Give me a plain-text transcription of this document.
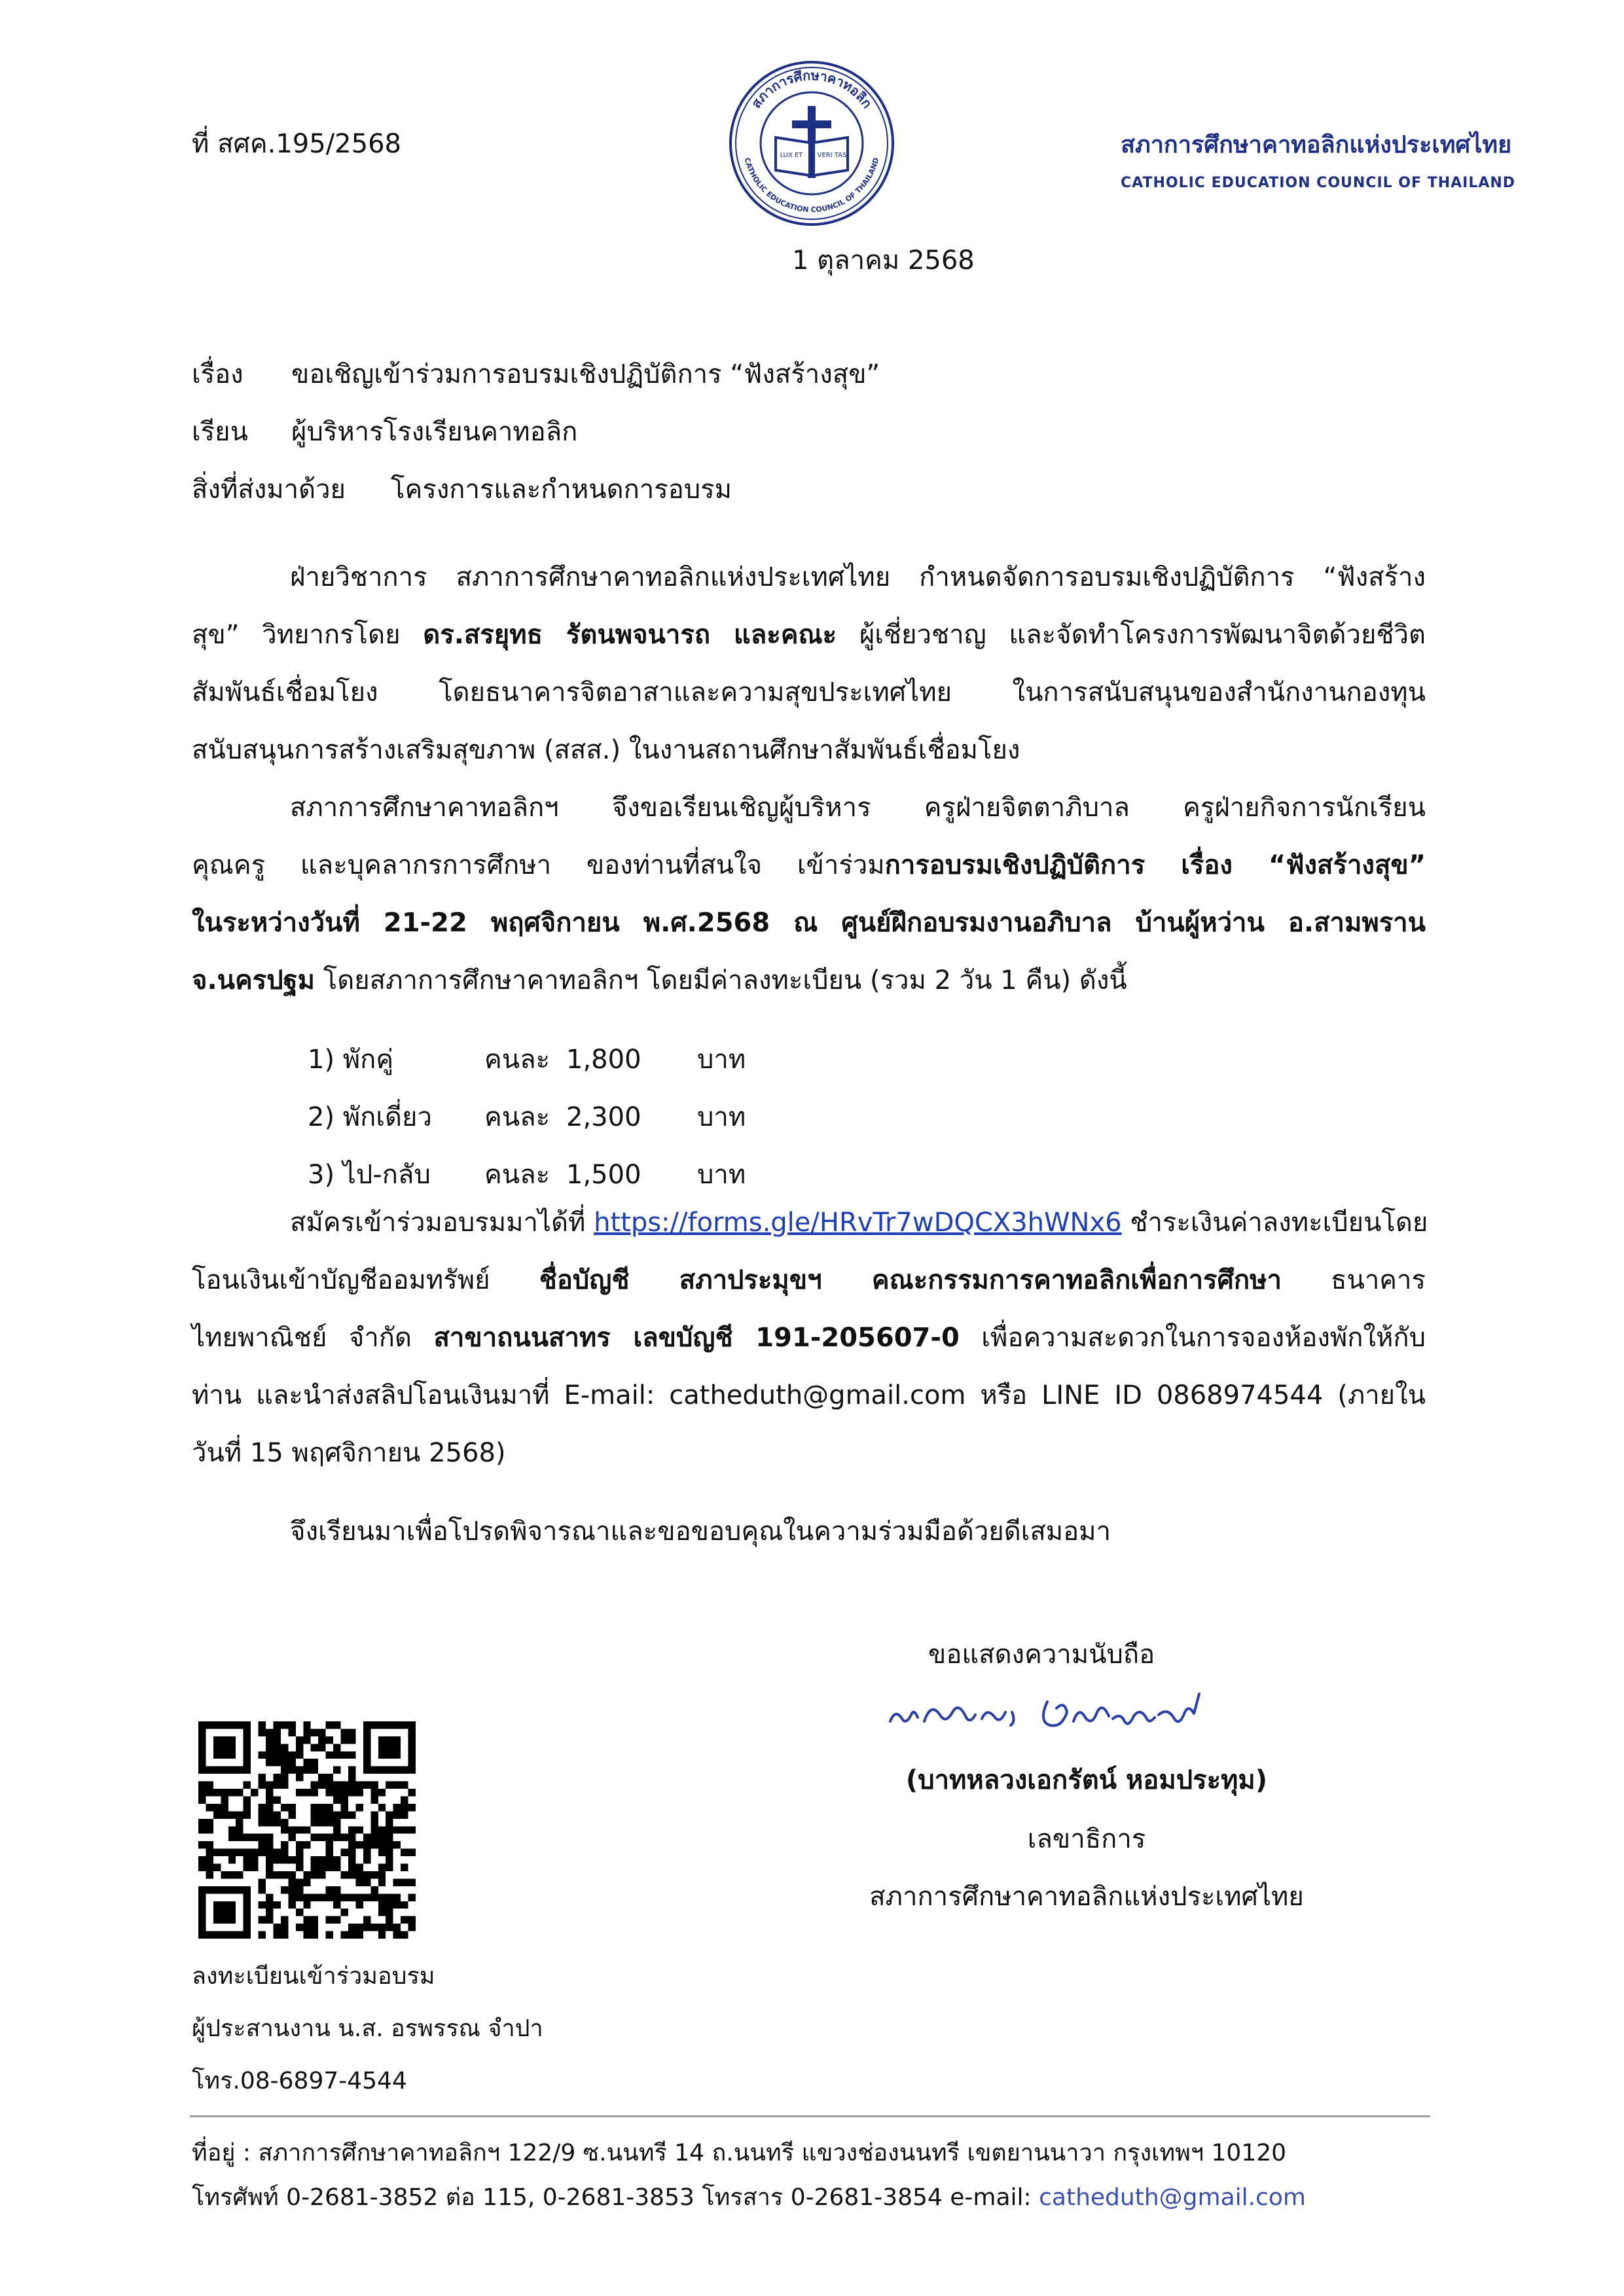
ที่ สศค.195/2568
สภาการศึกษาคาทอลิก
CATHOLIC EDUCATION COUNCIL OF THAILAND
LUX ET VERI TAS	สภาการศึกษาคาทอลิกแห่งประเทศไทย
CATHOLIC EDUCATION COUNCIL OF THAILAND
1 ตุลาคม 2568
เรื่อง ขอเชิญเข้าร่วมการอบรมเชิงปฏิบัติการ “ฟังสร้างสุข”
เรียน ผู้บริหารโรงเรียนคาทอลิก
สิ่งที่ส่งมาด้วย โครงการและกำหนดการอบรม
ฝ่ายวิชาการ สภาการศึกษาคาทอลิกแห่งประเทศไทย กำหนดจัดการอบรมเชิงปฏิบัติการ “ฟังสร้าง
สุข” วิทยากรโดย ดร.สรยุทธ รัตนพจนารถ และคณะ ผู้เชี่ยวชาญ และจัดทำโครงการพัฒนาจิตด้วยชีวิต
สัมพันธ์เชื่อมโยง โดยธนาคารจิตอาสาและความสุขประเทศไทย ในการสนับสนุนของสำนักงานกองทุน
สนับสนุนการสร้างเสริมสุขภาพ (สสส.) ในงานสถานศึกษาสัมพันธ์เชื่อมโยง
สภาการศึกษาคาทอลิกฯ จึงขอเรียนเชิญผู้บริหาร ครูฝ่ายจิตตาภิบาล ครูฝ่ายกิจการนักเรียน
คุณครู และบุคลากรการศึกษา ของท่านที่สนใจ เข้าร่วมการอบรมเชิงปฏิบัติการ เรื่อง “ฟังสร้างสุข”
ในระหว่างวันที่ 21-22 พฤศจิกายน พ.ศ.2568 ณ ศูนย์ฝึกอบรมงานอภิบาล บ้านผู้หว่าน อ.สามพราน
จ.นครปฐม โดยสภาการศึกษาคาทอลิกฯ โดยมีค่าลงทะเบียน (รวม 2 วัน 1 คืน) ดังนี้
1) พักคู่	คนละ 1,800 บาท
2) พักเดี่ยว คนละ 2,300 บาท
3) ไป-กลับ คนละ 1,500 บาท
สมัครเข้าร่วมอบรมมาได้ที่ https://forms.gle/HRvTr7wDQCX3hWNx6 ชำระเงินค่าลงทะเบียนโดย
โอนเงินเข้าบัญชีออมทรัพย์ ชื่อบัญชี สภาประมุขฯ คณะกรรมการคาทอลิกเพื่อการศึกษา ธนาคาร
ไทยพาณิชย์ จำกัด สาขาถนนสาทร เลขบัญชี 191-205607-0 เพื่อความสะดวกในการจองห้องพักให้กับ
ท่าน และนำส่งสลิปโอนเงินมาที่ E-mail: catheduth@gmail.com หรือ LINE ID 0868974544 (ภายใน
วันที่ 15 พฤศจิกายน 2568)
จึงเรียนมาเพื่อโปรดพิจารณาและขอขอบคุณในความร่วมมือด้วยดีเสมอมา
ขอแสดงความนับถือ
(บาทหลวงเอกรัตน์ หอมประทุม)
เลขาธิการ
สภาการศึกษาคาทอลิกแห่งประเทศไทย
ลงทะเบียนเข้าร่วมอบรม
ผู้ประสานงาน น.ส. อรพรรณ จำปา
โทร.08-6897-4544
ที่อยู่ : สภาการศึกษาคาทอลิกฯ 122/9 ซ.นนทรี 14 ถ.นนทรี แขวงช่องนนทรี เขตยานนาวา กรุงเทพฯ 10120
โทรศัพท์ 0-2681-3852 ต่อ 115, 0-2681-3853 โทรสาร 0-2681-3854 e-mail: catheduth@gmail.com
